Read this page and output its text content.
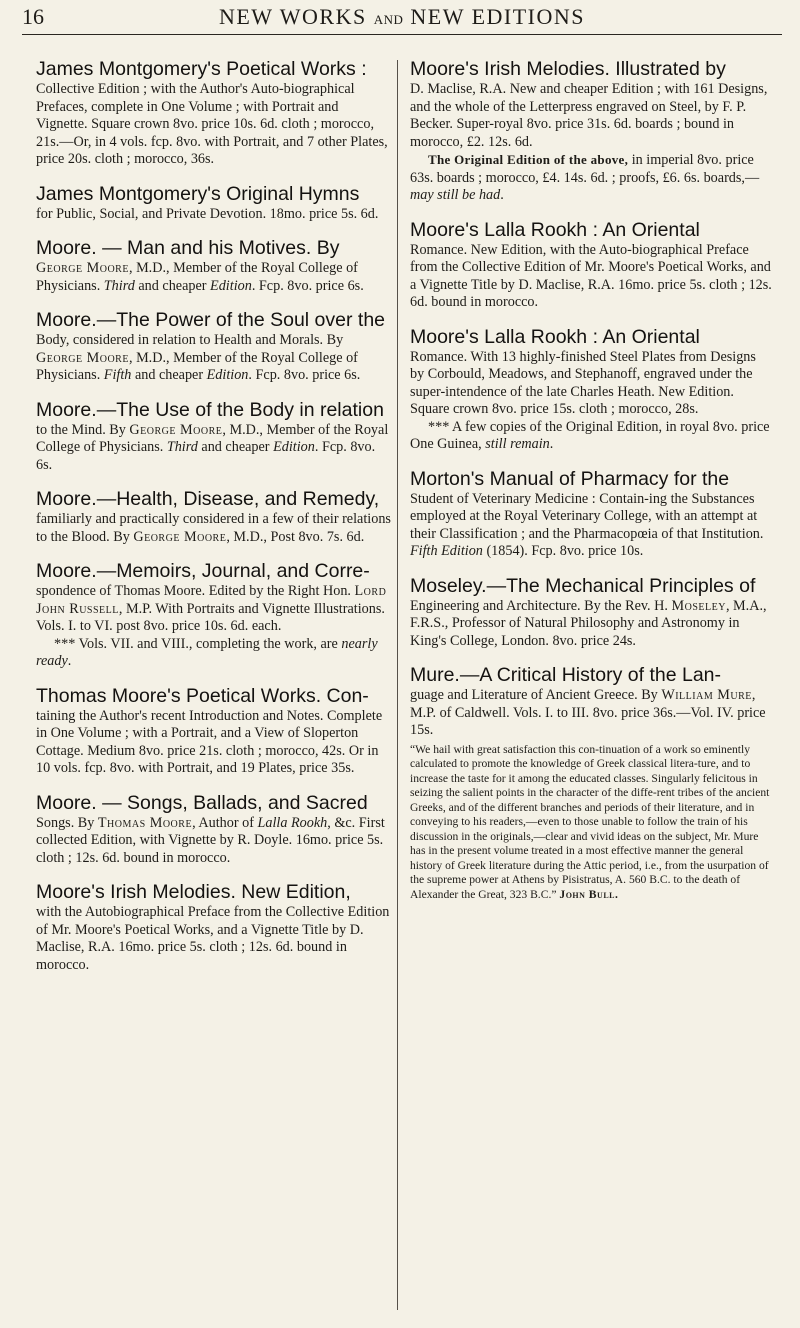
16	NEW WORKS AND NEW EDITIONS
James Montgomery's Poetical Works :

Collective Edition ; with the Author's Auto-biographical Prefaces, complete in One Volume ; with Portrait and Vignette. Square crown 8vo. price 10s. 6d. cloth ; morocco, 21s.—Or, in 4 vols. fcp. 8vo. with Portrait, and 7 other Plates, price 20s. cloth ; morocco, 36s.

James Montgomery's Original Hymns

for Public, Social, and Private Devotion. 18mo. price 5s. 6d.

Moore. — Man and his Motives. By

George Moore, M.D., Member of the Royal College of Physicians. Third and cheaper Edition. Fcp. 8vo. price 6s.

Moore.—The Power of the Soul over the

Body, considered in relation to Health and Morals. By George Moore, M.D., Member of the Royal College of Physicians. Fifth and cheaper Edition. Fcp. 8vo. price 6s.

Moore.—The Use of the Body in relation

to the Mind. By George Moore, M.D., Member of the Royal College of Physicians. Third and cheaper Edition. Fcp. 8vo. 6s.

Moore.—Health, Disease, and Remedy,

familiarly and practically considered in a few of their relations to the Blood. By George Moore, M.D., Post 8vo. 7s. 6d.

Moore.—Memoirs, Journal, and Corre-

spondence of Thomas Moore. Edited by the Right Hon. Lord John Russell, M.P. With Portraits and Vignette Illustrations. Vols. I. to VI. post 8vo. price 10s. 6d. each.

*** Vols. VII. and VIII., completing the work, are nearly ready.

Thomas Moore's Poetical Works. Con-

taining the Author's recent Introduction and Notes. Complete in One Volume ; with a Portrait, and a View of Sloperton Cottage. Medium 8vo. price 21s. cloth ; morocco, 42s. Or in 10 vols. fcp. 8vo. with Portrait, and 19 Plates, price 35s.

Moore. — Songs, Ballads, and Sacred

Songs. By Thomas Moore, Author of Lalla Rookh, &c. First collected Edition, with Vignette by R. Doyle. 16mo. price 5s. cloth ; 12s. 6d. bound in morocco.

Moore's Irish Melodies. New Edition,

with the Autobiographical Preface from the Collective Edition of Mr. Moore's Poetical Works, and a Vignette Title by D. Maclise, R.A. 16mo. price 5s. cloth ; 12s. 6d. bound in morocco.

Moore's Irish Melodies. Illustrated by

D. Maclise, R.A. New and cheaper Edition ; with 161 Designs, and the whole of the Letterpress engraved on Steel, by F. P. Becker. Super-royal 8vo. price 31s. 6d. boards ; bound in morocco, £2. 12s. 6d.

The Original Edition of the above, in imperial 8vo. price 63s. boards ; morocco, £4. 14s. 6d. ; proofs, £6. 6s. boards,—may still be had.

Moore's Lalla Rookh : An Oriental

Romance. New Edition, with the Auto-biographical Preface from the Collective Edition of Mr. Moore's Poetical Works, and a Vignette Title by D. Maclise, R.A. 16mo. price 5s. cloth ; 12s. 6d. bound in morocco.

Moore's Lalla Rookh : An Oriental

Romance. With 13 highly-finished Steel Plates from Designs by Corbould, Meadows, and Stephanoff, engraved under the super-intendence of the late Charles Heath. New Edition. Square crown 8vo. price 15s. cloth ; morocco, 28s.

*** A few copies of the Original Edition, in royal 8vo. price One Guinea, still remain.

Morton's Manual of Pharmacy for the

Student of Veterinary Medicine : Contain-ing the Substances employed at the Royal Veterinary College, with an attempt at their Classification ; and the Pharmacopœia of that Institution. Fifth Edition (1854). Fcp. 8vo. price 10s.

Moseley.—The Mechanical Principles of

Engineering and Architecture. By the Rev. H. Moseley, M.A., F.R.S., Professor of Natural Philosophy and Astronomy in King's College, London. 8vo. price 24s.

Mure.—A Critical History of the Lan-

guage and Literature of Ancient Greece. By William Mure, M.P. of Caldwell. Vols. I. to III. 8vo. price 36s.—Vol. IV. price 15s.

“We hail with great satisfaction this con-tinuation of a work so eminently calculated to promote the knowledge of Greek classical litera-ture, and to increase the taste for it among the educated classes. Singularly felicitous in seizing the salient points in the character of the diffe-rent tribes of the ancient Greeks, and of the different branches and periods of their literature, and in conveying to his readers,—even to those unable to follow the train of his discussion in the originals,—clear and vivid ideas on the subject, Mr. Mure has in the present volume treated in a most effective manner the general history of Greek literature during the Attic period, i.e., from the usurpation of the supreme power at Athens by Pisistratus, A. 560 B.C. to the death of Alexander the Great, 323 B.C.” John Bull.
